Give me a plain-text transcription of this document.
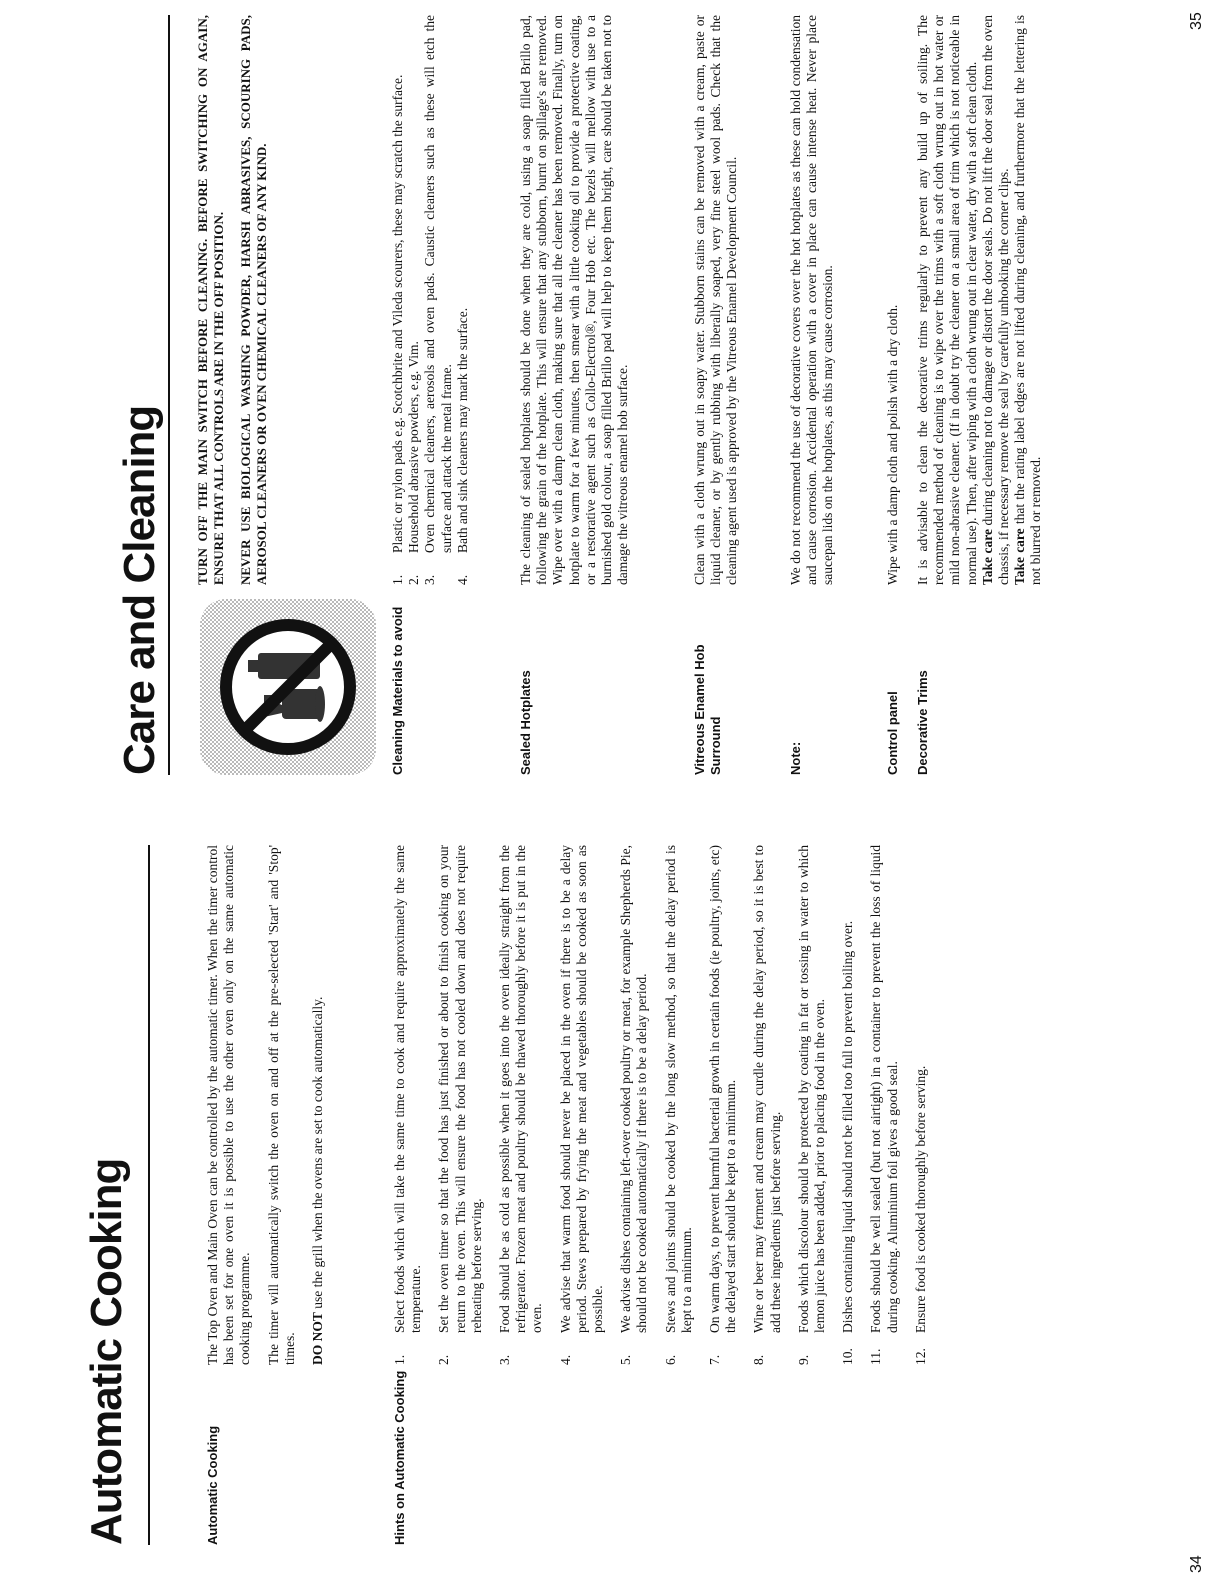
Automatic Cooking	Automatic Cooking

The Top Oven and Main Oven can be controlled by the automatic timer. When the timer control has been set for one oven it is possible to use the other oven only on the same automatic cooking programme. The timer will automatically switch the oven on and off at the pre-selected 'Start' and 'Stop' times. DO NOT use the grill when the ovens are set to cook automatically.

Hints on Automatic Cooking
1.
Select foods which will take the same time to cook and require approximately the same temperature.
2.
Set the oven timer so that the food has just finished or about to finish cooking on your return to the oven. This will ensure the food has not cooled down and does not require reheating before serving.
3.
Food should be as cold as possible when it goes into the oven ideally straight from the refrigerator. Frozen meat and poultry should be thawed thoroughly before it is put in the oven.
4.
We advise that warm food should never be placed in the oven if there is to be a delay period. Stews prepared by frying the meat and vegetables should be cooked as soon as possible.
5.
We advise dishes containing left-over cooked poultry or meat, for example Shepherds Pie, should not be cooked automatically if there is to be a delay period.
6.
Stews and joints should be cooked by the long slow method, so that the delay period is kept to a minimum.
7.
On warm days, to prevent harmful bacterial growth in certain foods (ie poultry, joints, etc) the delayed start should be kept to a minimum.
8.
Wine or beer may ferment and cream may curdle during the delay period, so it is best to add these ingredients just before serving.
9.
Foods which discolour should be protected by coating in fat or tossing in water to which lemon juice has been added, prior to placing food in the oven.
10.
Dishes containing liquid should not be filled too full to prevent boiling over.
11.
Foods should be well sealed (but not airtight) in a container to prevent the loss of liquid during cooking. Aluminium foil gives a good seal.
12.
Ensure food is cooked thoroughly before serving.
34
Care and Cleaning

TURN OFF THE MAIN SWITCH BEFORE CLEANING. BEFORE SWITCHING ON AGAIN, ENSURE THAT ALL CONTROLS ARE IN THE OFF POSITION. NEVER USE BIOLOGICAL WASHING POWDER, HARSH ABRASIVES, SCOURING PADS, AEROSOL CLEANERS OR OVEN CHEMICAL CLEANERS OF ANY KIND.

Cleaning Materials to avoid
1.
Plastic or nylon pads e.g. Scotchbrite and Vileda scourers, these may scratch the surface.
2.
Household abrasive powders, e.g. Vim.
3.
Oven chemical cleaners, aerosols and oven pads. Caustic cleaners such as these will etch the surface and attack the metal frame.
4.
Bath and sink cleaners may mark the surface.
Sealed Hotplates
The cleaning of sealed hotplates should be done when they are cold, using a soap filled Brillo pad, following the grain of the hotplate. This will ensure that any stubborn, burnt on spillage's are removed. Wipe over with a damp clean cloth, making sure that all the cleaner has been removed. Finally, turn on hotplate to warm for a few minutes, then smear with a little cooking oil to provide a protective coating, or a restorative agent such as Collo-Electrol®, Four Hob etc. The bezels will mellow with use to a burnished gold colour, a soap filled Brillo pad will help to keep them bright, care should be taken not to damage the vitreous enamel hob surface.
Vitreous Enamel Hob Surround
Clean with a cloth wrung out in soapy water. Stubborn stains can be removed with a cream, paste or liquid cleaner, or by gently rubbing with liberally soaped, very fine steel wool pads. Check that the cleaning agent used is approved by the Vitreous Enamel Development Council.
Note:
We do not recommend the use of decorative covers over the hot hotplates as these can hold condensation and cause corrosion. Accidental operation with a cover in place can cause intense heat. Never place saucepan lids on the hotplates, as this may cause corrosion.
Control panel
Wipe with a damp cloth and polish with a dry cloth.
Decorative Trims
It is advisable to clean the decorative trims regularly to prevent any build up of soiling. The recommended method of cleaning is to wipe over the trims with a soft cloth wrung out in hot water or mild non-abrasive cleaner. (If in doubt try the cleaner on a small area of trim which is not noticeable in normal use). Then, after wiping with a cloth wrung out in clear water, dry with a soft clean cloth. Take care during cleaning not to damage or distort the door seals. Do not lift the door seal from the oven chassis, if necessary remove the seal by carefully unhooking the corner clips. Take care that the rating label edges are not lifted during cleaning, and furthermore that the lettering is not blurred or removed.
35
